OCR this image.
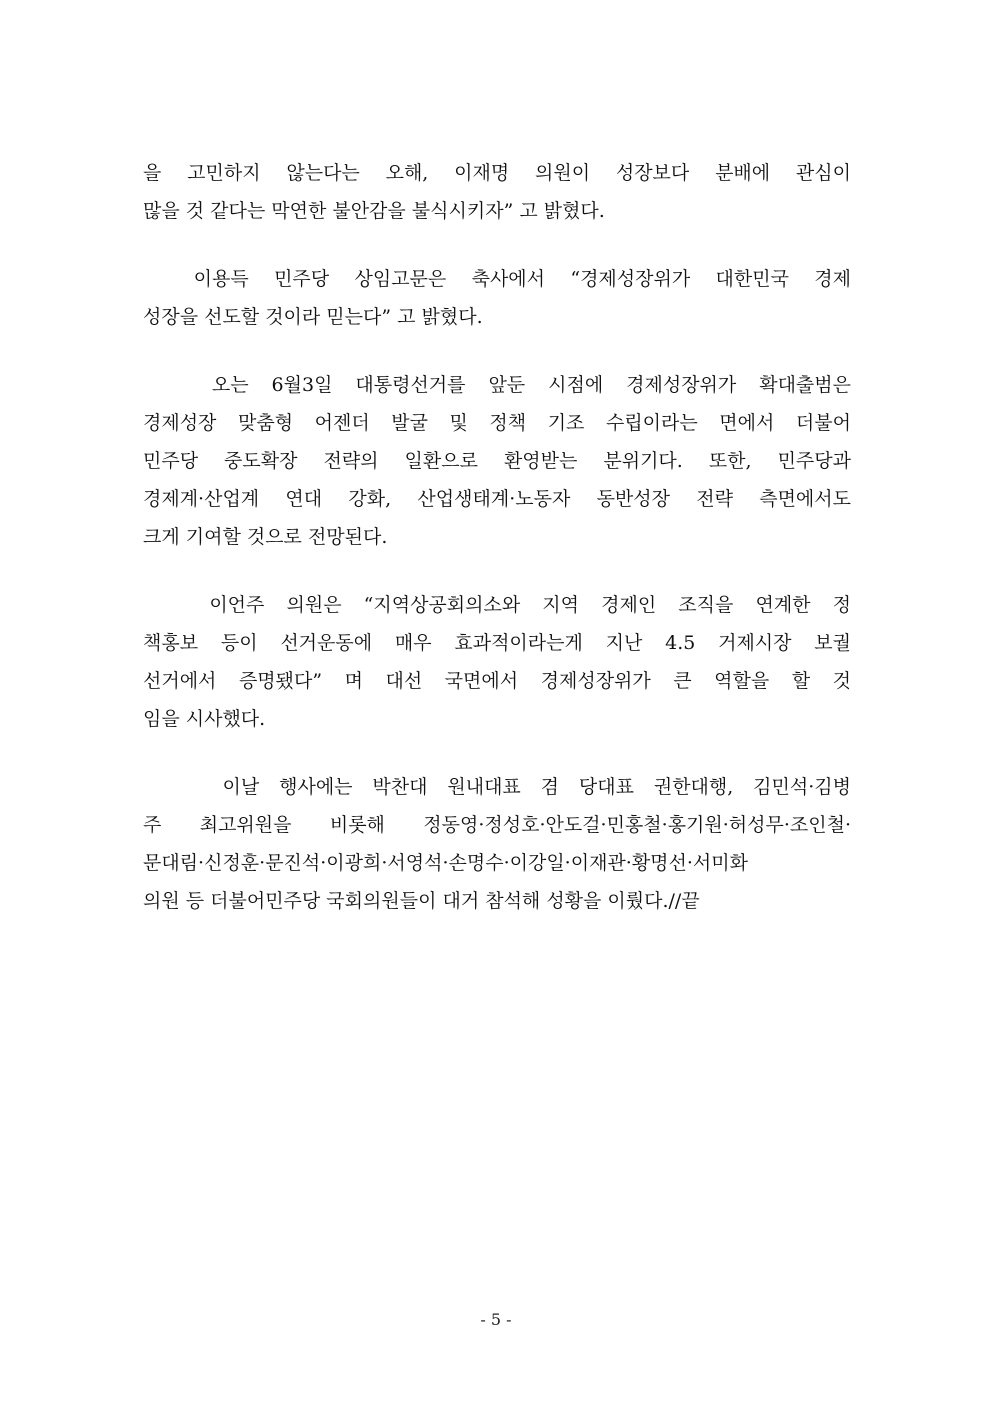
을 고민하지 않는다는 오해, 이재명 의원이 성장보다 분배에 관심이
많을 것 같다는 막연한 불안감을 불식시키자” 고 밝혔다.

이용득 민주당 상임고문은 축사에서 “경제성장위가 대한민국 경제
성장을 선도할 것이라 믿는다” 고 밝혔다.

오는 6월3일 대통령선거를 앞둔 시점에 경제성장위가 확대출범은
경제성장 맞춤형 어젠더 발굴 및 정책 기조 수립이라는 면에서 더불어
민주당 중도확장 전략의 일환으로 환영받는 분위기다. 또한, 민주당과
경제계·산업계 연대 강화, 산업생태계·노동자 동반성장 전략 측면에서도
크게 기여할 것으로 전망된다.

이언주 의원은 “지역상공회의소와 지역 경제인 조직을 연계한 정
책홍보 등이 선거운동에 매우 효과적이라는게 지난 4.5 거제시장 보궐
선거에서 증명됐다” 며 대선 국면에서 경제성장위가 큰 역할을 할 것
임을 시사했다.

이날 행사에는 박찬대 원내대표 겸 당대표 권한대행, 김민석·김병
주 최고위원을 비롯해 정동영·정성호·안도걸·민홍철·홍기원·허성무·조인철·
문대림·신정훈·문진석·이광희·서영석·손명수·이강일·이재관·황명선·서미화
의원 등 더불어민주당 국회의원들이 대거 참석해 성황을 이뤘다.//끝

- 5 -
